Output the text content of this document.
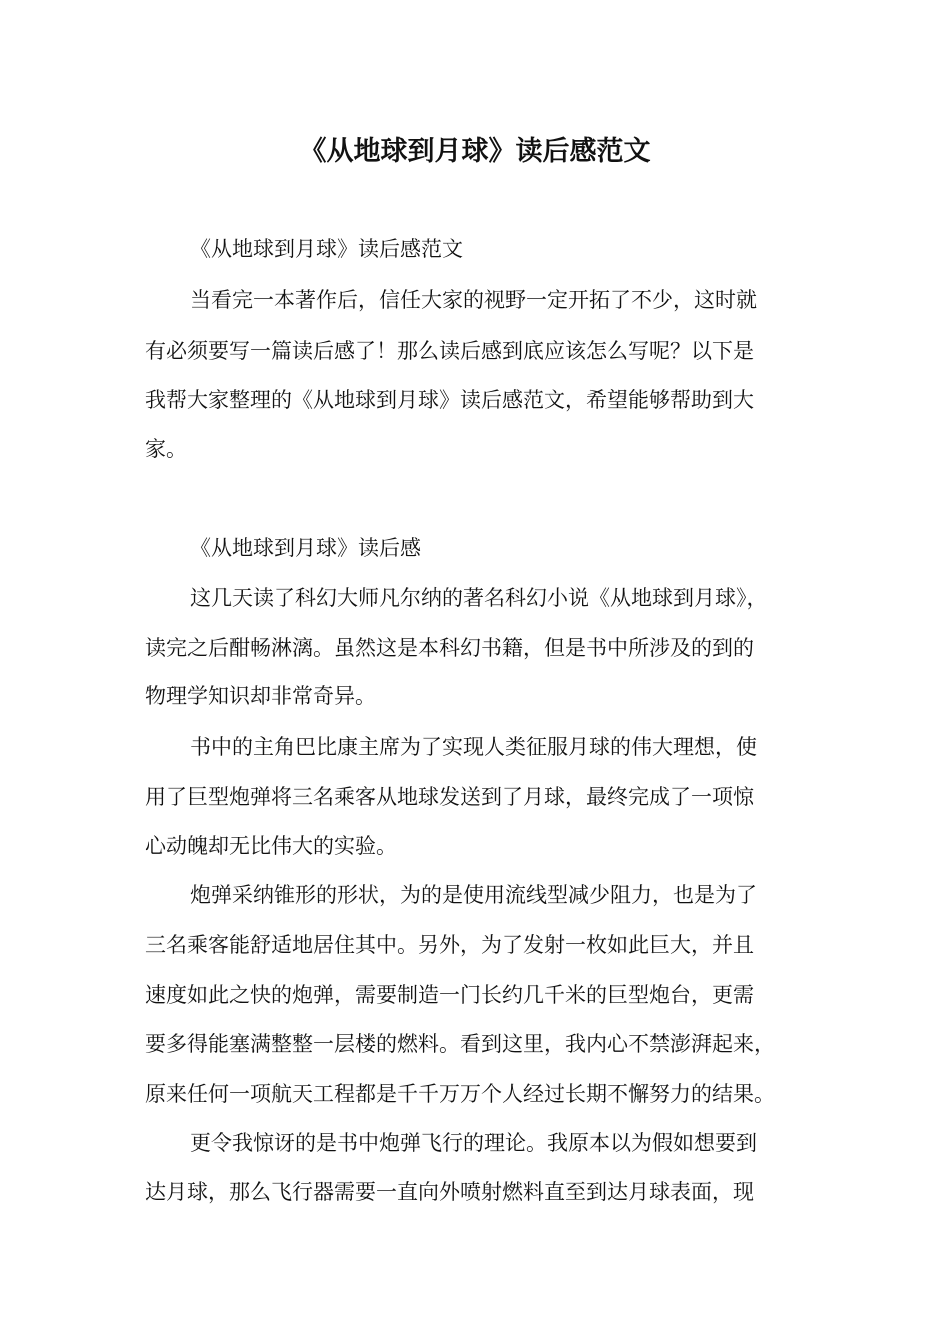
《从地球到月球》读后感范文
《从地球到月球》读后感范文
当看完一本著作后，信任大家的视野一定开拓了不少，这时就
有必须要写一篇读后感了！那么读后感到底应该怎么写呢？以下是
我帮大家整理的《从地球到月球》读后感范文，希望能够帮助到大
家。
《从地球到月球》读后感
这几天读了科幻大师凡尔纳的著名科幻小说《从地球到月球》，
读完之后酣畅淋漓。虽然这是本科幻书籍，但是书中所涉及的到的
物理学知识却非常奇异。
书中的主角巴比康主席为了实现人类征服月球的伟大理想，使
用了巨型炮弹将三名乘客从地球发送到了月球，最终完成了一项惊
心动魄却无比伟大的实验。
炮弹采纳锥形的形状，为的是使用流线型减少阻力，也是为了
三名乘客能舒适地居住其中。另外，为了发射一枚如此巨大，并且
速度如此之快的炮弹，需要制造一门长约几千米的巨型炮台，更需
要多得能塞满整整一层楼的燃料。看到这里，我内心不禁澎湃起来，
原来任何一项航天工程都是千千万万个人经过长期不懈努力的结果。
更令我惊讶的是书中炮弹飞行的理论。我原本以为假如想要到
达月球，那么飞行器需要一直向外喷射燃料直至到达月球表面，现
